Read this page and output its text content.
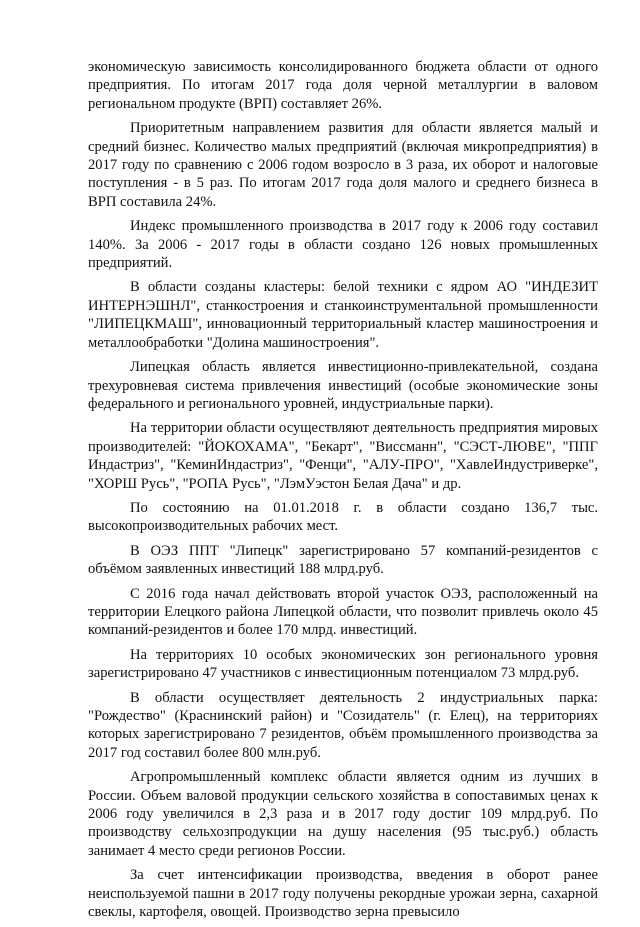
экономическую зависимость консолидированного бюджета области от одного предприятия. По итогам 2017 года доля черной металлургии в валовом региональном продукте (ВРП) составляет 26%.

Приоритетным направлением развития для области является малый и средний бизнес. Количество малых предприятий (включая микропредприятия) в 2017 году по сравнению с 2006 годом возросло в 3 раза, их оборот и налоговые поступления - в 5 раз. По итогам 2017 года доля малого и среднего бизнеса в ВРП составила 24%.

Индекс промышленного производства в 2017 году к 2006 году составил 140%. За 2006 - 2017 годы в области создано 126 новых промышленных предприятий.

В области созданы кластеры: белой техники с ядром АО "ИНДЕЗИТ ИНТЕРНЭШНЛ", станкостроения и станкоинструментальной промышленности "ЛИПЕЦКМАШ", инновационный территориальный кластер машиностроения и металлообработки "Долина машиностроения".

Липецкая область является инвестиционно-привлекательной, создана трехуровневая система привлечения инвестиций (особые экономические зоны федерального и регионального уровней, индустриальные парки).

На территории области осуществляют деятельность предприятия мировых производителей: "ЙОКОХАМА", "Бекарт", "Виссманн", "СЭСТ-ЛЮВЕ", "ППГ Индастриз", "КеминИндастриз", "Фенци", "АЛУ-ПРО", "ХавлеИндустриверке", "ХОРШ Русь", "РОПА Русь", "ЛэмУэстон Белая Дача" и др.

По состоянию на 01.01.2018 г. в области создано 136,7 тыс. высокопроизводительных рабочих мест.

В ОЭЗ ППТ "Липецк" зарегистрировано 57 компаний-резидентов с объёмом заявленных инвестиций 188 млрд.руб.

С 2016 года начал действовать второй участок ОЭЗ, расположенный на территории Елецкого района Липецкой области, что позволит привлечь около 45 компаний-резидентов и более 170 млрд. инвестиций.

На территориях 10 особых экономических зон регионального уровня зарегистрировано 47 участников с инвестиционным потенциалом 73 млрд.руб.

В области осуществляет деятельность 2 индустриальных парка: "Рождество" (Краснинский район) и "Созидатель" (г. Елец), на территориях которых зарегистрировано 7 резидентов, объём промышленного производства за 2017 год составил более 800 млн.руб.

Агропромышленный комплекс области является одним из лучших в России. Объем валовой продукции сельского хозяйства в сопоставимых ценах к 2006 году увеличился в 2,3 раза и в 2017 году достиг 109 млрд.руб. По производству сельхозпродукции на душу населения (95 тыс.руб.) область занимает 4 место среди регионов России.

За счет интенсификации производства, введения в оборот ранее неиспользуемой пашни в 2017 году получены рекордные урожаи зерна, сахарной свеклы, картофеля, овощей. Производство зерна превысило
